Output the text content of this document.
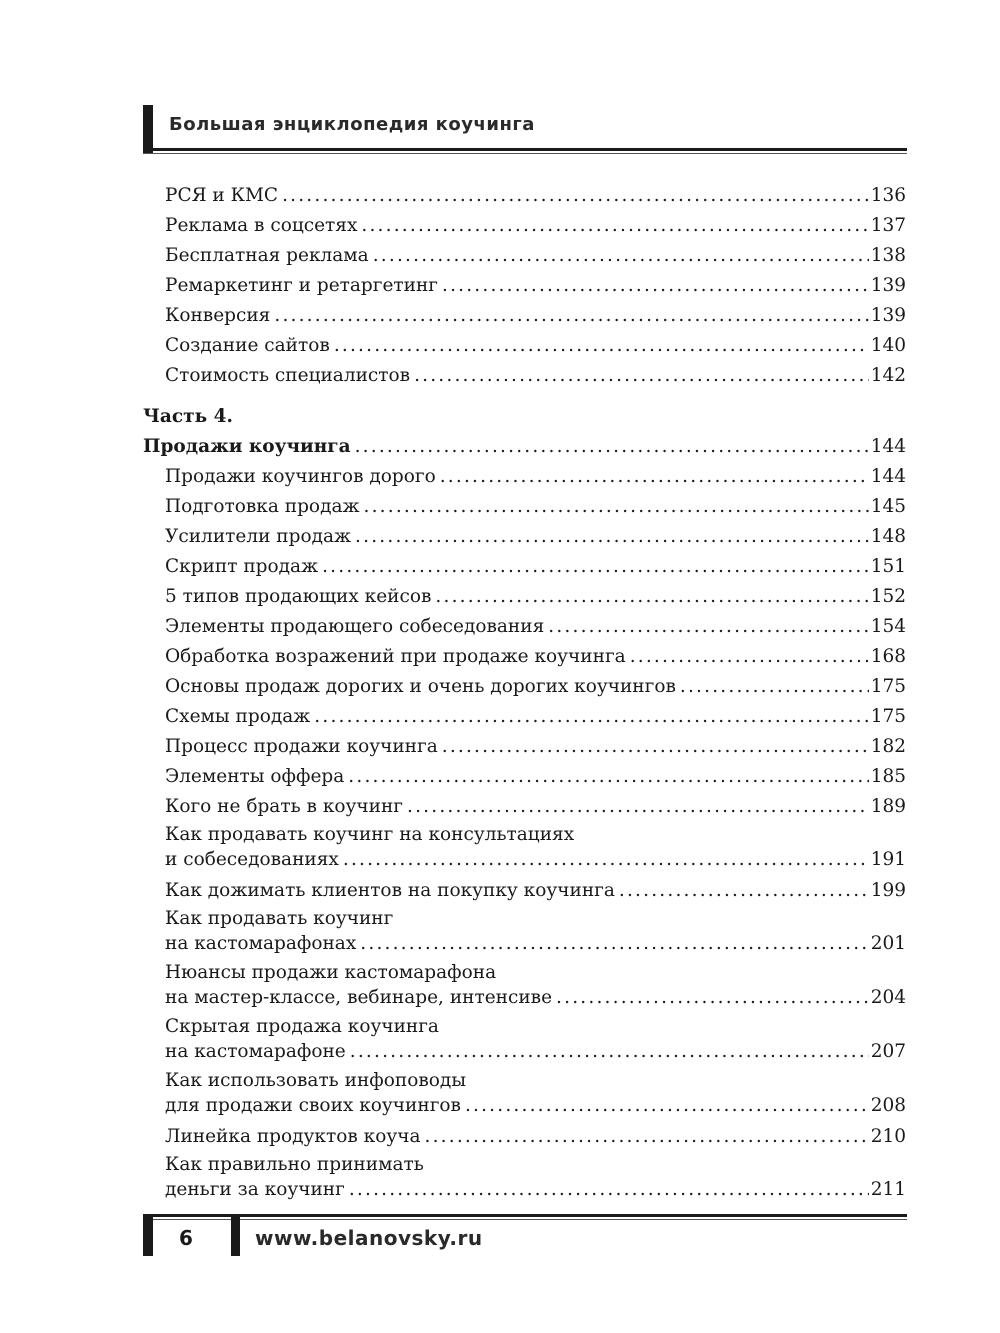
Большая энциклопедия коучинга
РСЯ и КМС .....	136
Реклама в соцсетях .....	137
Бесплатная реклама .....	138
Ремаркетинг и ретаргетинг .....	139
Конверсия .....	139
Создание сайтов .....	140
Стоимость специалистов .....	142
Часть 4.
Продажи коучинга .....	144
Продажи коучингов дорого .....	144
Подготовка продаж .....	145
Усилители продаж .....	148
Скрипт продаж .....	151
5 типов продающих кейсов .....	152
Элементы продающего собеседования .....	154
Обработка возражений при продаже коучинга .....	168
Основы продаж дорогих и очень дорогих коучингов .....	175
Схемы продаж .....	175
Процесс продажи коучинга .....	182
Элементы оффера .....	185
Кого не брать в коучинг .....	189
Как продавать коучинг на консультациях
и собеседованиях .....	191
Как дожимать клиентов на покупку коучинга .....	199
Как продавать коучинг
на кастомарафонах .....	201
Нюансы продажи кастомарафона
на мастер-классе, вебинаре, интенсиве .....	204
Скрытая продажа коучинга
на кастомарафоне .....	207
Как использовать инфоповоды
для продажи своих коучингов .....	208
Линейка продуктов коуча .....	210
Как правильно принимать
деньги за коучинг .....	211
6	www.belanovsky.ru
